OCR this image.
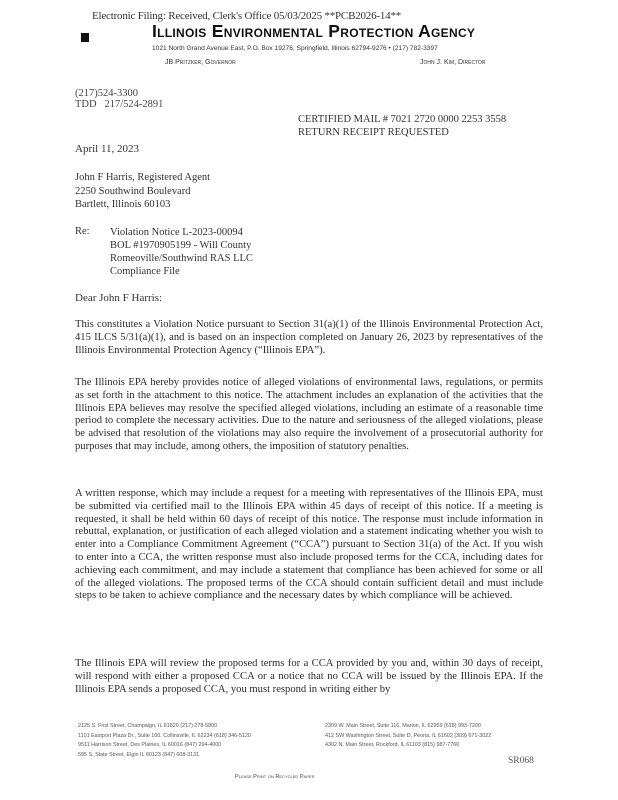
Electronic Filing: Received, Clerk's Office 05/03/2025 **PCB2026-14**
Illinois Environmental Protection Agency
1021 North Grand Avenue East, P.O. Box 19276, Springfield, Illinois 62794-9276 • (217) 782-3397
JB Pritzker, Governor	John J. Kim, Director
(217)524-3300
TDD   217/524-2891
CERTIFIED MAIL # 7021 2720 0000 2253 3558
RETURN RECEIPT REQUESTED
April 11, 2023
John F Harris, Registered Agent
2250 Southwind Boulevard
Bartlett, Illinois 60103
Re: Violation Notice L-2023-00094
BOL #1970905199 - Will County
Romeoville/Southwind RAS LLC
Compliance File
Dear John F Harris:
This constitutes a Violation Notice pursuant to Section 31(a)(1) of the Illinois Environmental Protection Act, 415 ILCS 5/31(a)(1), and is based on an inspection completed on January 26, 2023 by representatives of the Illinois Environmental Protection Agency (“Illinois EPA”).
The Illinois EPA hereby provides notice of alleged violations of environmental laws, regulations, or permits as set forth in the attachment to this notice. The attachment includes an explanation of the activities that the Illinois EPA believes may resolve the specified alleged violations, including an estimate of a reasonable time period to complete the necessary activities. Due to the nature and seriousness of the alleged violations, please be advised that resolution of the violations may also require the involvement of a prosecutorial authority for purposes that may include, among others, the imposition of statutory penalties.
A written response, which may include a request for a meeting with representatives of the Illinois EPA, must be submitted via certified mail to the Illinois EPA within 45 days of receipt of this notice. If a meeting is requested, it shall be held within 60 days of receipt of this notice. The response must include information in rebuttal, explanation, or justification of each alleged violation and a statement indicating whether you wish to enter into a Compliance Commitment Agreement (“CCA”) pursuant to Section 31(a) of the Act. If you wish to enter into a CCA, the written response must also include proposed terms for the CCA, including dates for achieving each commitment, and may include a statement that compliance has been achieved for some or all of the alleged violations. The proposed terms of the CCA should contain sufficient detail and must include steps to be taken to achieve compliance and the necessary dates by which compliance will be achieved.
The Illinois EPA will review the proposed terms for a CCA provided by you and, within 30 days of receipt, will respond with either a proposed CCA or a notice that no CCA will be issued by the Illinois EPA. If the Illinois EPA sends a proposed CCA, you must respond in writing either by
2125 S. First Street, Champaign, IL 61820 (217) 278-5800
1101 Eastport Plaza Dr., Suite 100, Collinsville, IL 62234 (618) 346-5120
9511 Harrison Street, Des Plaines, IL 60016 (847) 294-4000
595 S. State Street, Elgin IL 60123 (847) 608-3131
2309 W. Main Street, Suite 116, Marion, IL 62959 (618) 993-7200
412 SW Washington Street, Suite D, Peoria, IL 61602 (309) 671-3022
4302 N. Main Street, Rockford, IL 61103 (815) 987-7760
SR068
Please Print on Recycled Paper
